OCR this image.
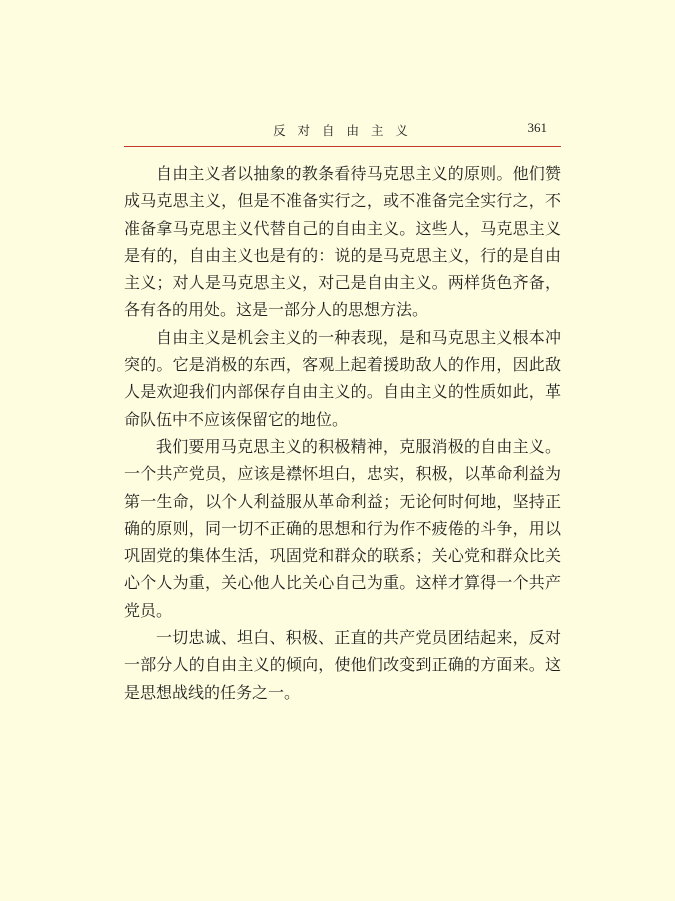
反 对 自 由 主 义	361

自由主义者以抽象的教条看待马克思主义的原则。他们赞成马克思主义，但是不准备实行之，或不准备完全实行之，不准备拿马克思主义代替自己的自由主义。这些人，马克思主义是有的，自由主义也是有的：说的是马克思主义，行的是自由主义；对人是马克思主义，对己是自由主义。两样货色齐备，各有各的用处。这是一部分人的思想方法。

自由主义是机会主义的一种表现，是和马克思主义根本冲突的。它是消极的东西，客观上起着援助敌人的作用，因此敌人是欢迎我们内部保存自由主义的。自由主义的性质如此，革命队伍中不应该保留它的地位。

我们要用马克思主义的积极精神，克服消极的自由主义。一个共产党员，应该是襟怀坦白，忠实，积极，以革命利益为第一生命，以个人利益服从革命利益；无论何时何地，坚持正确的原则，同一切不正确的思想和行为作不疲倦的斗争，用以巩固党的集体生活，巩固党和群众的联系；关心党和群众比关心个人为重，关心他人比关心自己为重。这样才算得一个共产党员。

一切忠诚、坦白、积极、正直的共产党员团结起来，反对一部分人的自由主义的倾向，使他们改变到正确的方面来。这是思想战线的任务之一。
